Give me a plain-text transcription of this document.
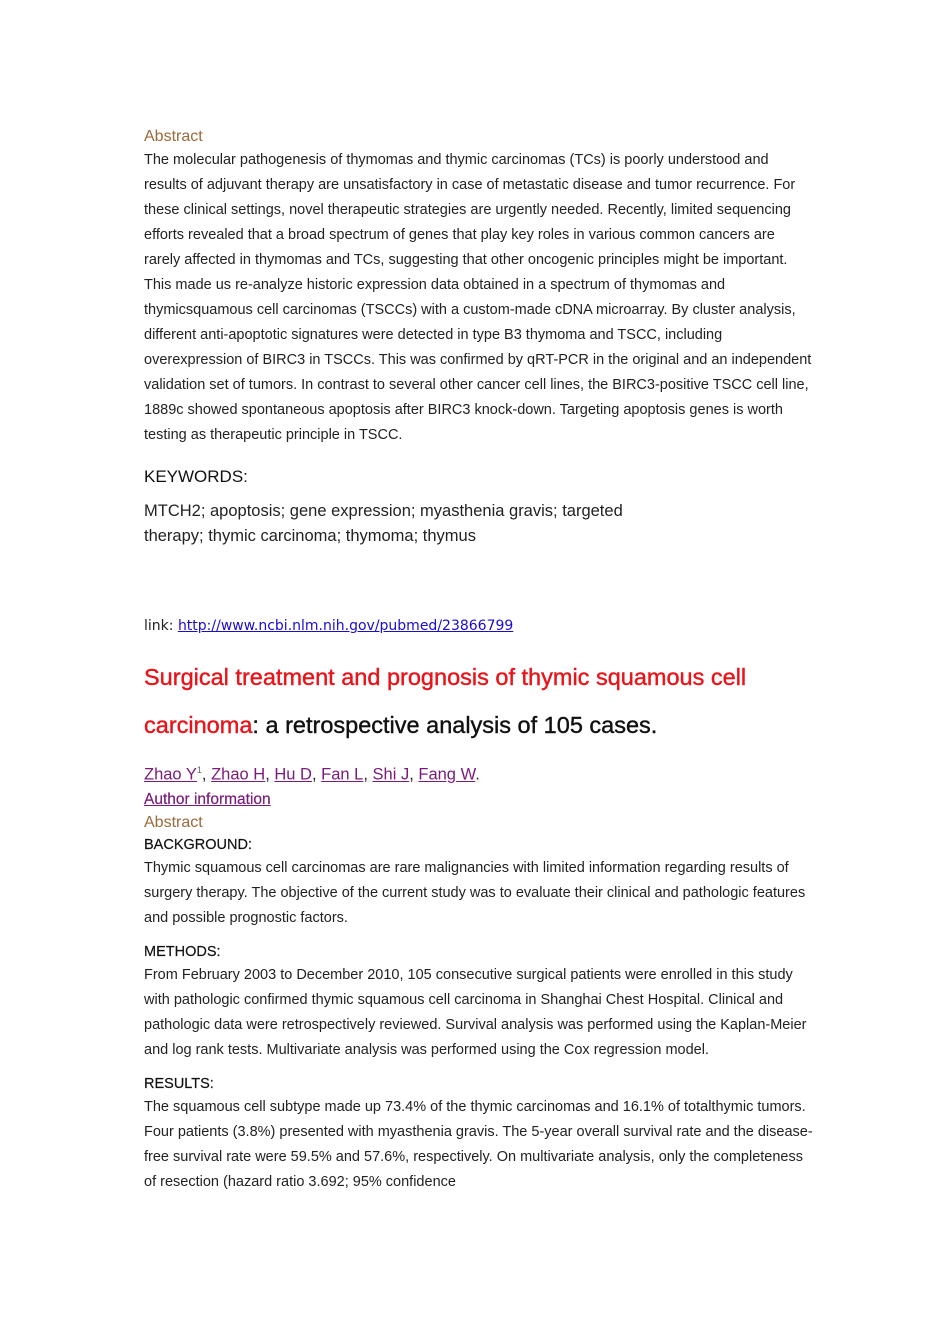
Abstract

The molecular pathogenesis of thymomas and thymic carcinomas (TCs) is poorly understood and results of adjuvant therapy are unsatisfactory in case of metastatic disease and tumor recurrence. For these clinical settings, novel therapeutic strategies are urgently needed. Recently, limited sequencing efforts revealed that a broad spectrum of genes that play key roles in various common cancers are rarely affected in thymomas and TCs, suggesting that other oncogenic principles might be important. This made us re-analyze historic expression data obtained in a spectrum of thymomas and thymicsquamous cell carcinomas (TSCCs) with a custom-made cDNA microarray. By cluster analysis, different anti-apoptotic signatures were detected in type B3 thymoma and TSCC, including overexpression of BIRC3 in TSCCs. This was confirmed by qRT-PCR in the original and an independent validation set of tumors. In contrast to several other cancer cell lines, the BIRC3-positive TSCC cell line, 1889c showed spontaneous apoptosis after BIRC3 knock-down. Targeting apoptosis genes is worth testing as therapeutic principle in TSCC.

KEYWORDS:

MTCH2; apoptosis; gene expression; myasthenia gravis; targeted therapy; thymic carcinoma; thymoma; thymus

link: http://www.ncbi.nlm.nih.gov/pubmed/23866799

Surgical treatment and prognosis of thymic squamous cell carcinoma: a retrospective analysis of 105 cases.

Zhao $Y^1$, Zhao H, Hu D, Fan L, Shi J, Fang W.

Author information

Abstract

BACKGROUND:

Thymic squamous cell carcinomas are rare malignancies with limited information regarding results of surgery therapy. The objective of the current study was to evaluate their clinical and pathologic features and possible prognostic factors.

METHODS:

From February 2003 to December 2010, 105 consecutive surgical patients were enrolled in this study with pathologic confirmed thymic squamous cell carcinoma in Shanghai Chest Hospital. Clinical and pathologic data were retrospectively reviewed. Survival analysis was performed using the Kaplan-Meier and log rank tests. Multivariate analysis was performed using the Cox regression model.

RESULTS:

The squamous cell subtype made up 73.4% of the thymic carcinomas and 16.1% of totalthymic tumors. Four patients (3.8%) presented with myasthenia gravis. The 5-year overall survival rate and the disease-free survival rate were 59.5% and 57.6%, respectively. On multivariate analysis, only the completeness of resection (hazard ratio 3.692; 95% confidence
